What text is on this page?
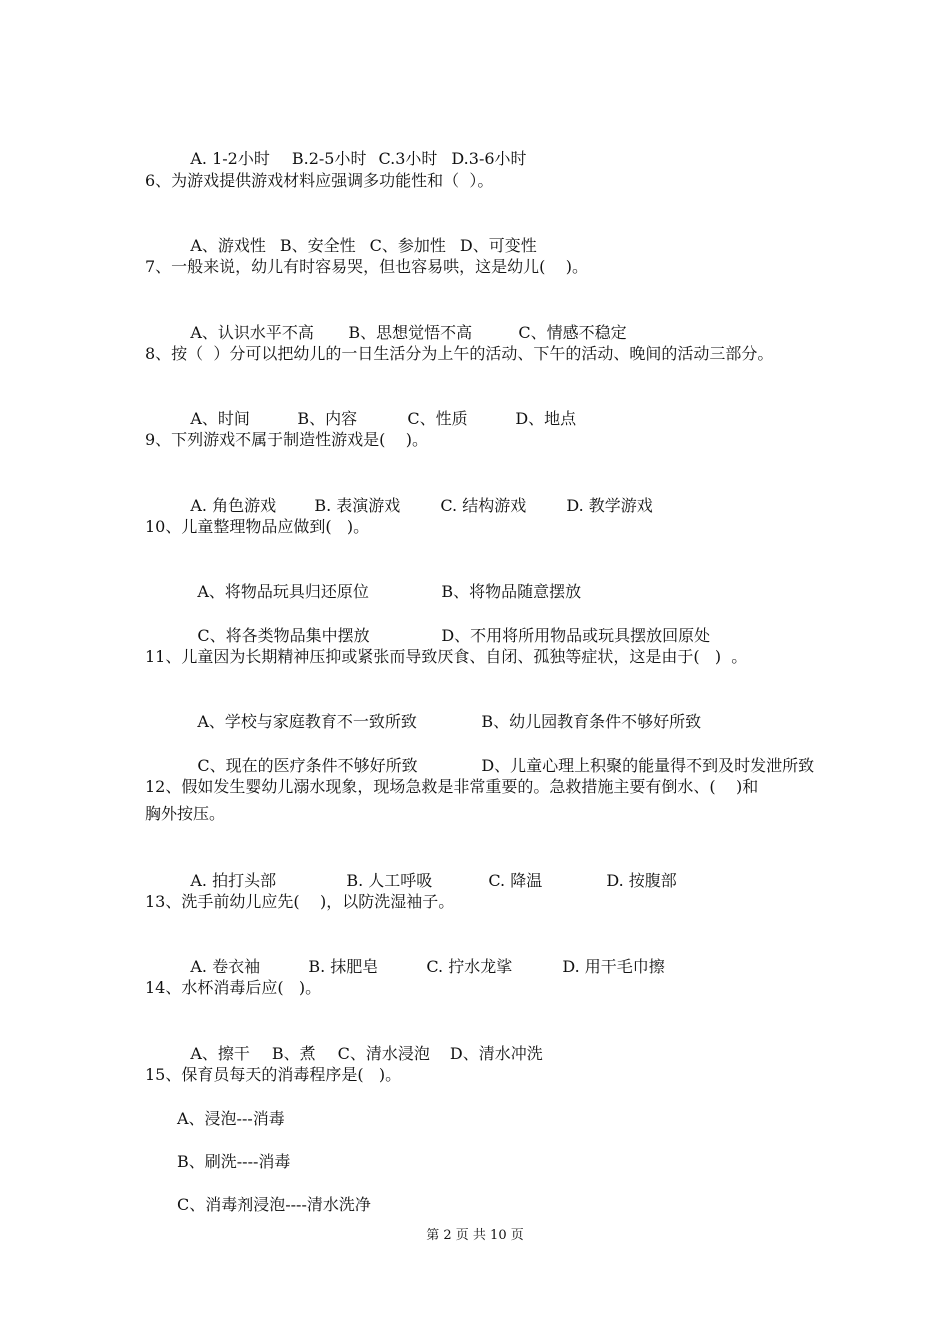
A. 1-2小时 B.2-5小时 C.3小时 D.3-6小时

6、为游戏提供游戏材料应强调多功能性和（  ）。

A、游戏性 B、安全性 C、参加性 D、可变性

7、一般来说，幼儿有时容易哭，但也容易哄，这是幼儿(    )。

A、认识水平不高 B、思想觉悟不高	C、情感不稳定

8、按（  ）分可以把幼儿的一日生活分为上午的活动、下午的活动、晚间的活动三部分。

A、时间	B、内容	C、性质	D、地点

9、下列游戏不属于制造性游戏是(    )。

A. 角色游戏 B. 表演游戏	C. 结构游戏	D. 教学游戏

10、儿童整理物品应做到(   )。

A、将物品玩具归还原位	B、将物品随意摆放

C、将各类物品集中摆放	D、不用将所用物品或玩具摆放回原处

11、儿童因为长期精神压抑或紧张而导致厌食、自闭、孤独等症状，这是由于(   )  。

A、学校与家庭教育不一致所致	B、幼儿园教育条件不够好所致

C、现在的医疗条件不够好所致	D、儿童心理上积聚的能量得不到及时发泄所致

12、假如发生婴幼儿溺水现象，现场急救是非常重要的。急救措施主要有倒水、(    )和
胸外按压。

A. 拍打头部	B. 人工呼吸	C. 降温	D. 按腹部

13、洗手前幼儿应先(    )，以防洗湿袖子。

A. 卷衣袖	B. 抹肥皂	C. 拧水龙挲	D. 用干毛巾擦

14、水杯消毒后应(   )。

A、擦干 B、煮 C、清水浸泡 D、清水冲洗

15、保育员每天的消毒程序是(   )。
A、浸泡---消毒
B、刷洗----消毒
C、消毒剂浸泡----清水洗净
第 2 页 共 10 页
